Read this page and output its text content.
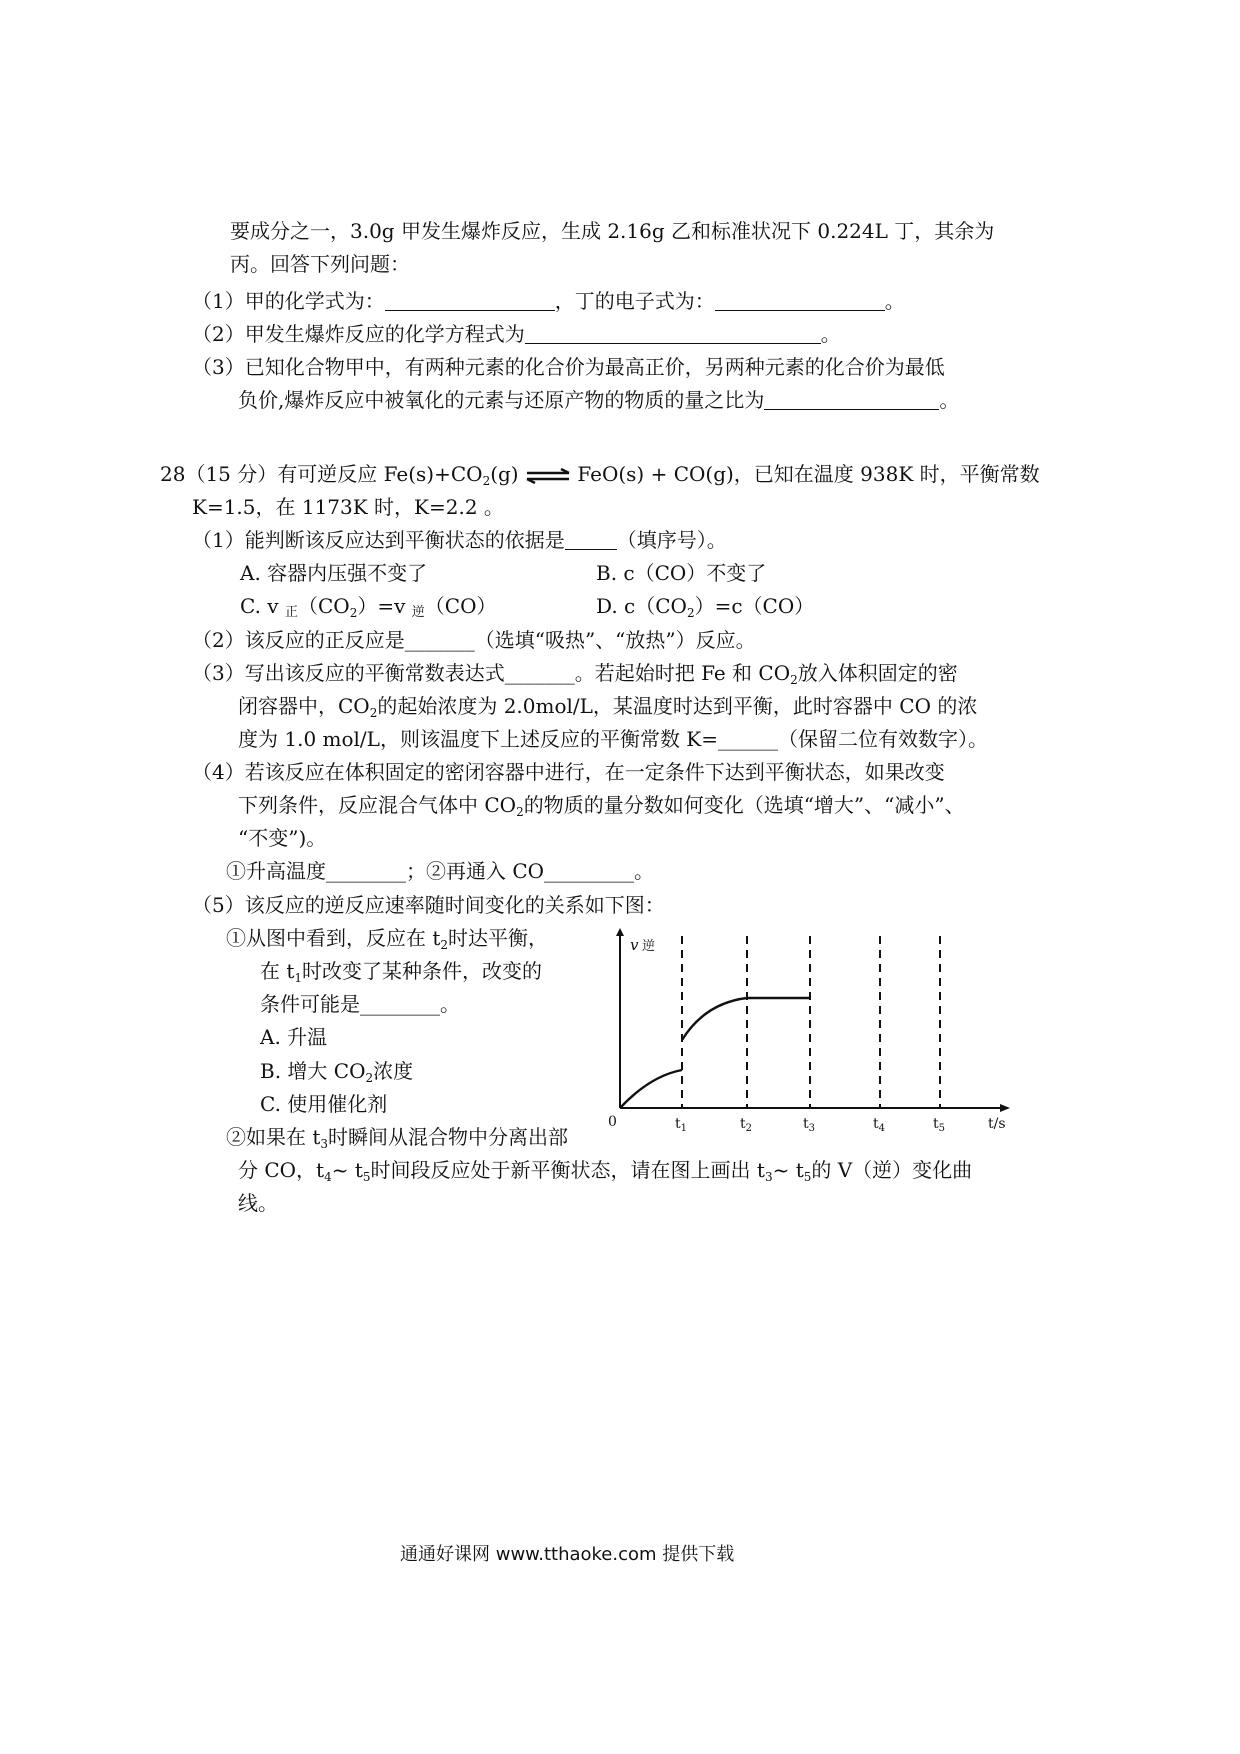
要成分之一，3.0g 甲发生爆炸反应，生成 2.16g 乙和标准状况下 0.224L 丁，其余为
丙。回答下列问题：
（1）甲的化学式为：	，丁的电子式为：	。
（2）甲发生爆炸反应的化学方程式为	。
（3）已知化合物甲中，有两种元素的化合价为最高正价，另两种元素的化合价为最低
负价,爆炸反应中被氧化的元素与还原产物的物质的量之比为	。
28（15 分）有可逆反应 $Fe(s)+CO_2(g)$ ⇌ FeO(s) + CO(g)，已知在温度 938K 时，平衡常数
K=1.5，在 1173K 时，K=2.2 。
（1）能判断该反应达到平衡状态的依据是	（填序号）。
A. 容器内压强不变了	B. c（CO）不变了
C. v 正$(CO_2)=v$ 逆（CO）	D. $c(CO_2)=c(CO)$
（2）该反应的正反应是_______（选填“吸热”、“放热”）反应。
（3）写出该反应的平衡常数表达式_______。若起始时把 Fe 和 $CO_2$放入体积固定的密
闭容器中，$CO_2$的起始浓度为 2.0mol/L，某温度时达到平衡，此时容器中 CO 的浓
度为 1.0 mol/L，则该温度下上述反应的平衡常数 K=______（保留二位有效数字）。
（4）若该反应在体积固定的密闭容器中进行，在一定条件下达到平衡状态，如果改变
下列条件，反应混合气体中 $CO_2$的物质的量分数如何变化（选填“增大”、“减小”、
“不变”)。
①升高温度________；②再通入 CO_________。
（5）该反应的逆反应速率随时间变化的关系如下图：
①从图中看到，反应在 $t_2$时达平衡，
在 $t_1$时改变了某种条件，改变的
条件可能是________。
A. 升温
B. 增大 $CO_2$浓度
C. 使用催化剂
②如果在 $t_3$时瞬间从混合物中分离出部
分 CO，$t_4\sim$ $t_5$时间段反应处于新平衡状态，请在图上画出 $t_3\sim$ $t_5$的 V（逆）变化曲
线。
v 逆
0	t/s
$t_1$	$t_2$	$t_3$	$t_4$	$t_5$
通通好课网 www.tthaoke.com 提供下载
